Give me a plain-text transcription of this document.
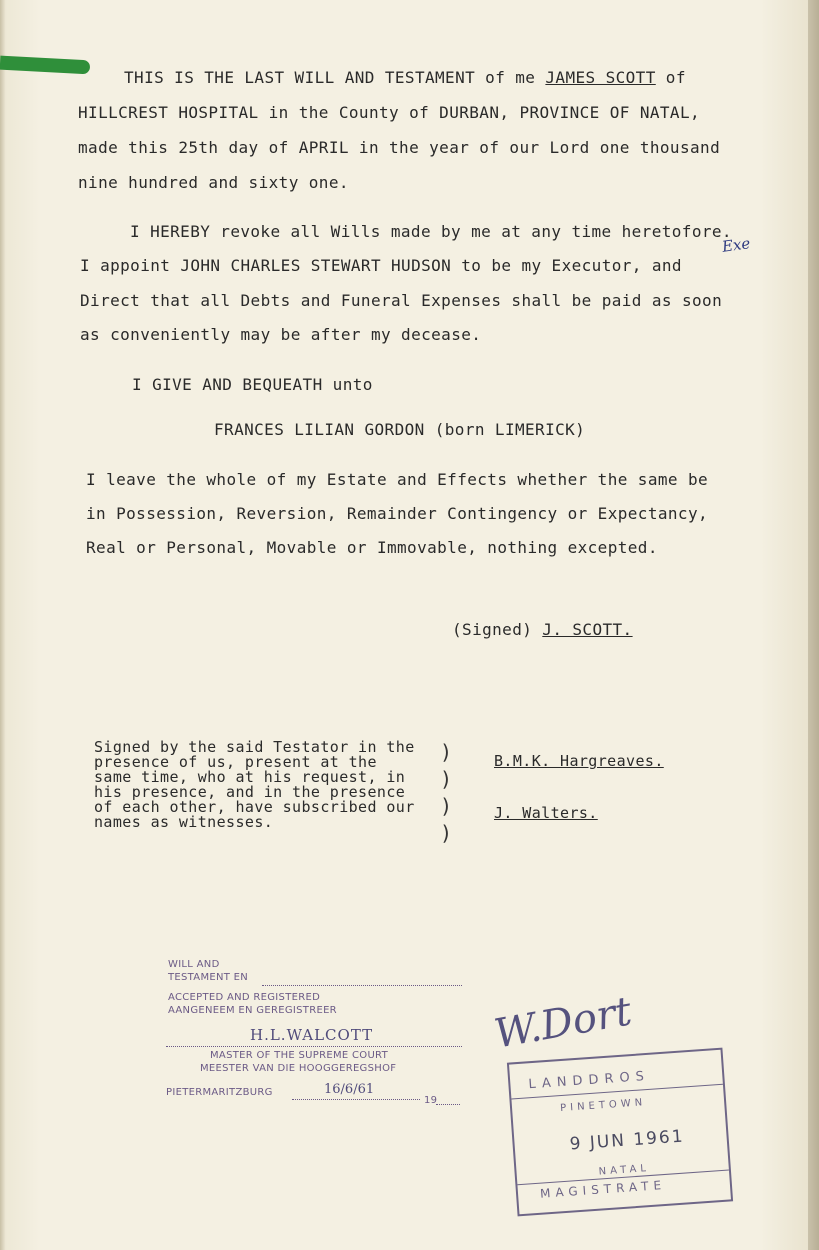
THIS IS THE LAST WILL AND TESTAMENT of me JAMES SCOTT of
HILLCREST HOSPITAL in the County of DURBAN, PROVINCE OF NATAL,
made this 25th day of APRIL in the year of our Lord one thousand
nine hundred and sixty one.
I HEREBY revoke all Wills made by me at any time heretofore.
I appoint JOHN CHARLES STEWART HUDSON to be my Executor, and
Direct that all Debts and Funeral Expenses shall be paid as soon
as conveniently may be after my decease.
Exe
I GIVE AND BEQUEATH unto
FRANCES LILIAN GORDON (born LIMERICK)
I leave the whole of my Estate and Effects whether the same be
in Possession, Reversion, Remainder Contingency or Expectancy,
Real or Personal, Movable or Immovable, nothing excepted.
(Signed) J. SCOTT.
Signed by the said Testator in the
presence of us, present at the
same time, who at his request, in
his presence, and in the presence
of each other, have subscribed our
names as witnesses.
)
)
)
)
B.M.K. Hargreaves.
J. Walters.
WILL AND
TESTAMENT EN
ACCEPTED AND REGISTERED
AANGENEEM EN GEREGISTREER
H.L.WALCOTT
MASTER OF THE SUPREME COURT
MEESTER VAN DIE HOOGGEREGSHOF
PIETERMARITZBURG	16/6/61
19
W.Dort
LANDDROS
PINETOWN
9 JUN 1961
NATAL
MAGISTRATE
